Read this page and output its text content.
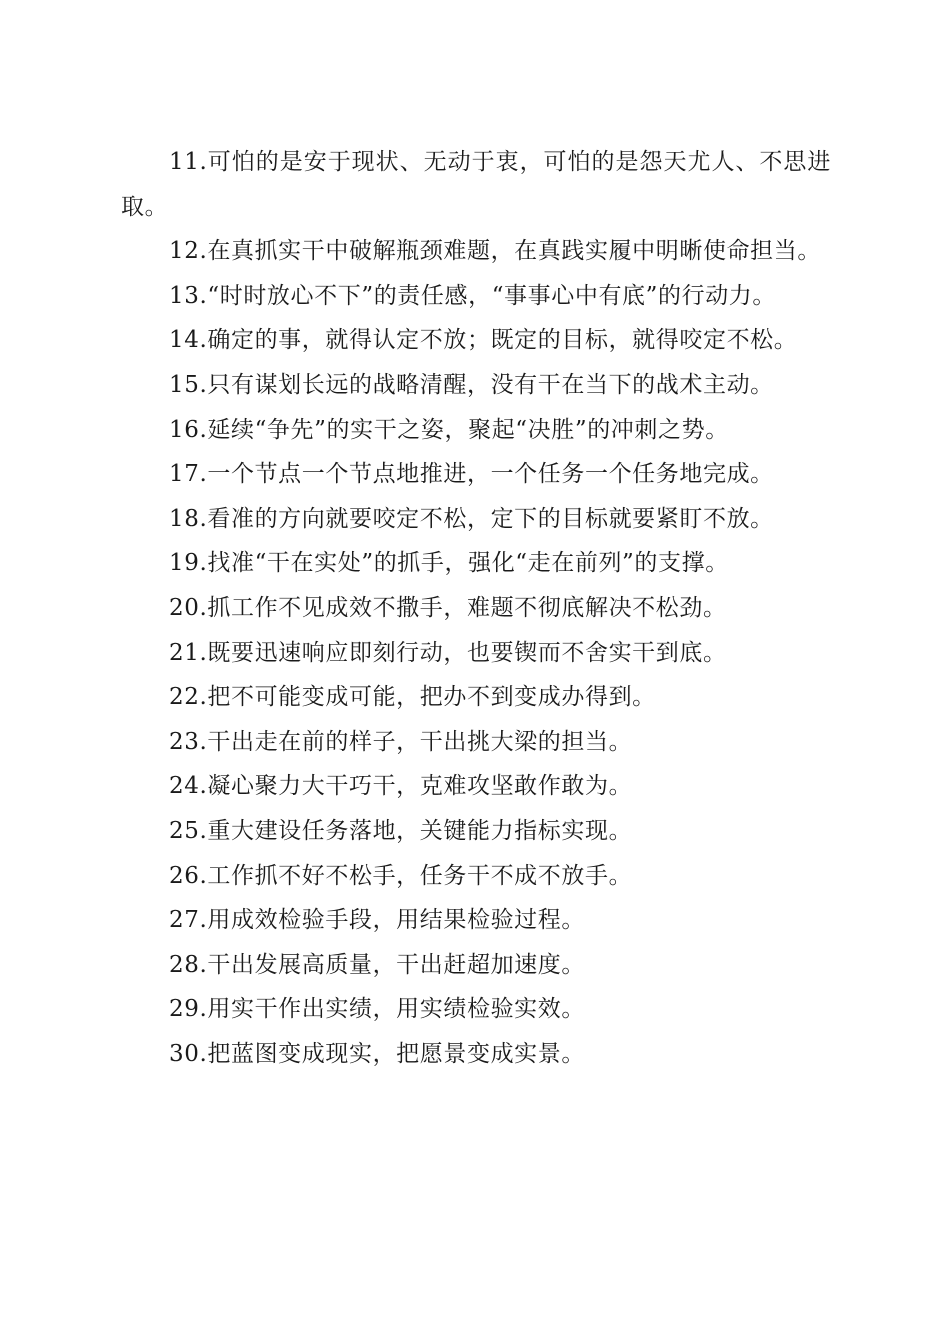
11.可怕的是安于现状、无动于衷，可怕的是怨天尤人、不思进取。

12.在真抓实干中破解瓶颈难题，在真践实履中明晰使命担当。

13.“时时放心不下”的责任感，“事事心中有底”的行动力。

14.确定的事，就得认定不放；既定的目标，就得咬定不松。

15.只有谋划长远的战略清醒，没有干在当下的战术主动。

16.延续“争先”的实干之姿，聚起“决胜”的冲刺之势。

17.一个节点一个节点地推进，一个任务一个任务地完成。

18.看准的方向就要咬定不松，定下的目标就要紧盯不放。

19.找准“干在实处”的抓手，强化“走在前列”的支撑。

20.抓工作不见成效不撒手，难题不彻底解决不松劲。

21.既要迅速响应即刻行动，也要锲而不舍实干到底。

22.把不可能变成可能，把办不到变成办得到。

23.干出走在前的样子，干出挑大梁的担当。

24.凝心聚力大干巧干，克难攻坚敢作敢为。

25.重大建设任务落地，关键能力指标实现。

26.工作抓不好不松手，任务干不成不放手。

27.用成效检验手段，用结果检验过程。

28.干出发展高质量，干出赶超加速度。

29.用实干作出实绩，用实绩检验实效。

30.把蓝图变成现实，把愿景变成实景。
